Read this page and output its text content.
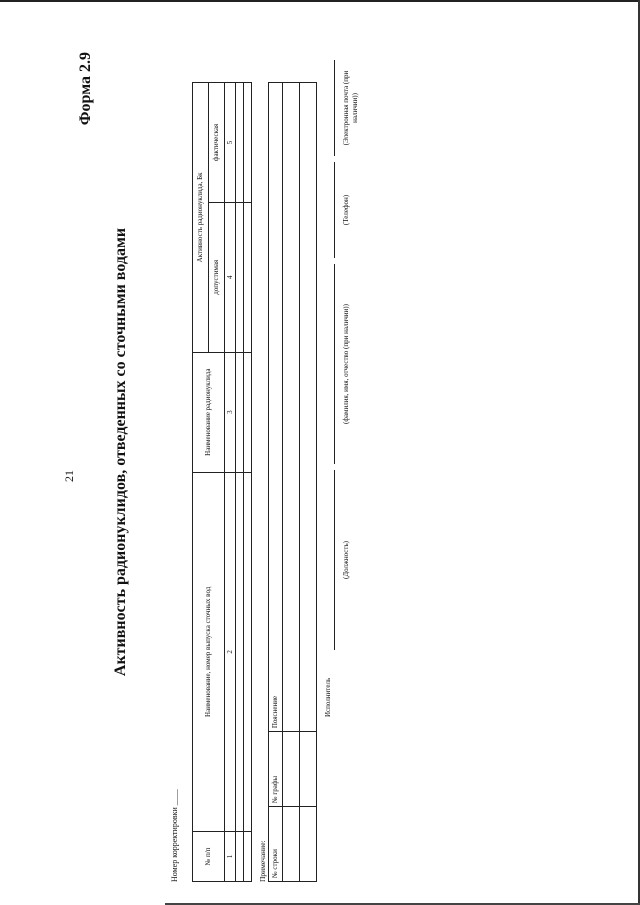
21
Форма 2.9
Активность радионуклидов, отведенных со сточными водами
Номер корректировки ____
№ п/п	Наименование, номер выпуска сточных вод	Наименование радионуклида	Активность радионуклида, Бк	
			допустимая	фактическая
1	2	3	4	5

Примечание: № строки	№ графы	Пояснение

			Исполнитель
(Должность)
(фамилия, имя, отчество (при наличии))
(Телефон)
(Электронная почта (при наличии))
